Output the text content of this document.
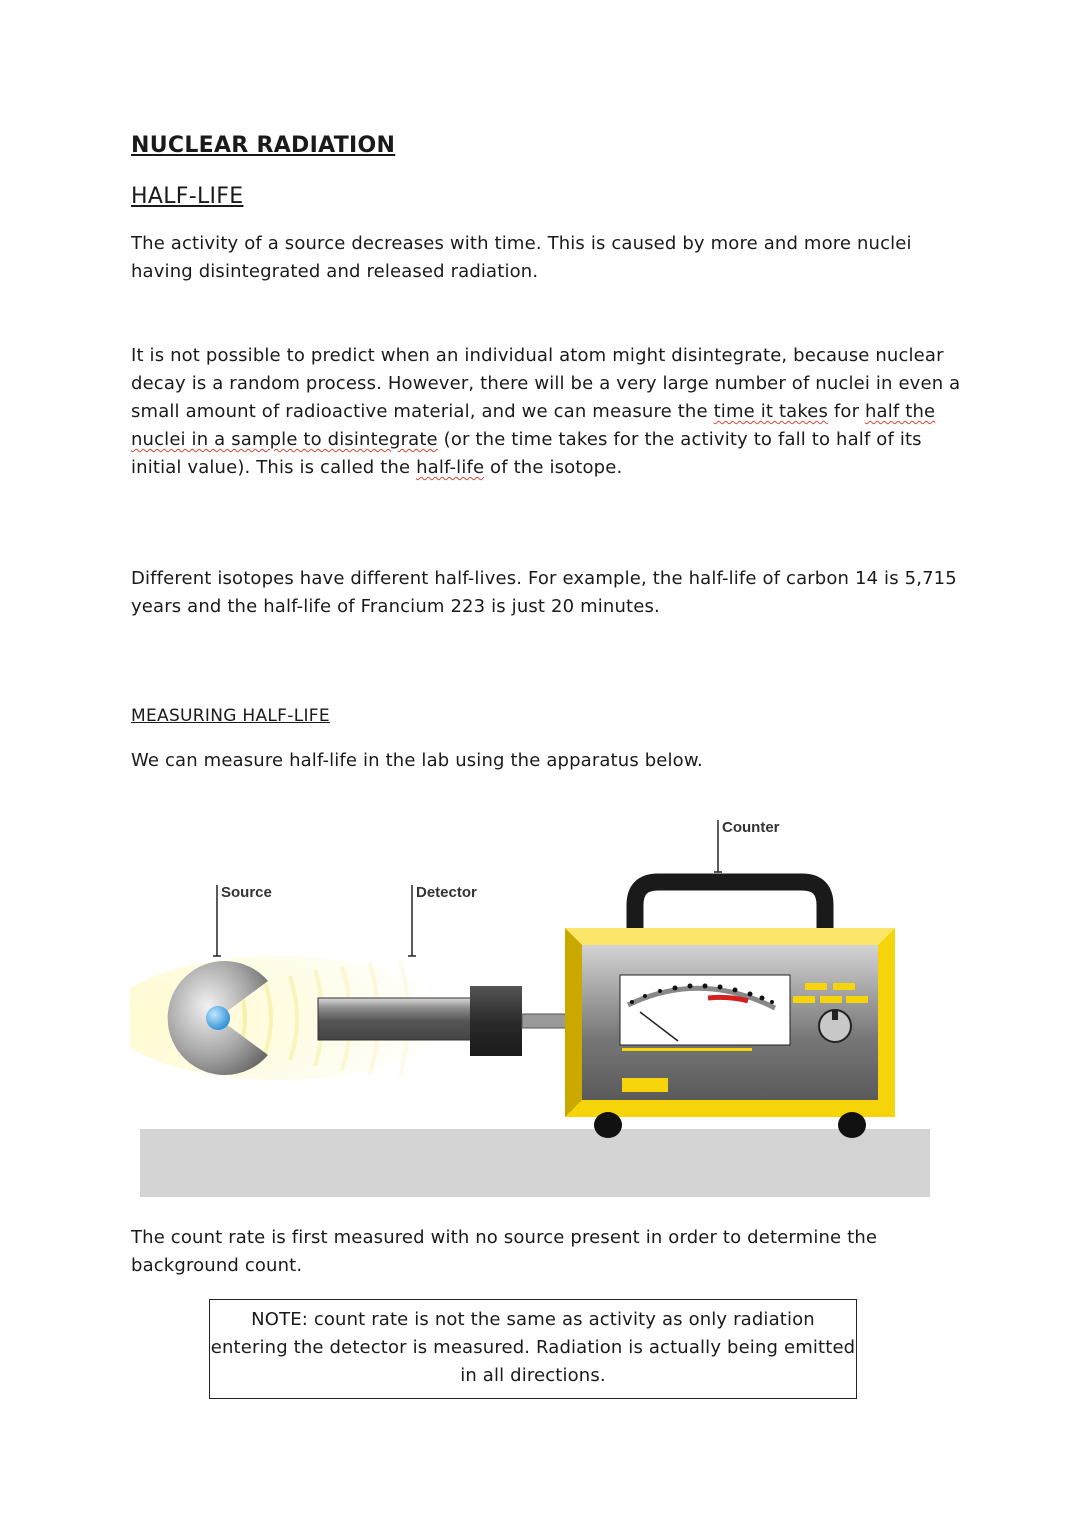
NUCLEAR RADIATION
HALF-LIFE

The activity of a source decreases with time. This is caused by more and more nuclei having disintegrated and released radiation.

It is not possible to predict when an individual atom might disintegrate, because nuclear decay is a random process. However, there will be a very large number of nuclei in even a small amount of radioactive material, and we can measure the time it takes for half the nuclei in a sample to disintegrate (or the time takes for the activity to fall to half of its initial value). This is called the half-life of the isotope.

Different isotopes have different half-lives. For example, the half-life of carbon 14 is 5,715 years and the half-life of Francium 223 is just 20 minutes.

MEASURING HALF-LIFE

We can measure half-life in the lab using the apparatus below.

Counter
Source	Detector

The count rate is first measured with no source present in order to determine the background count.

NOTE: count rate is not the same as activity as only radiation entering the detector is measured. Radiation is actually being emitted in all directions.
